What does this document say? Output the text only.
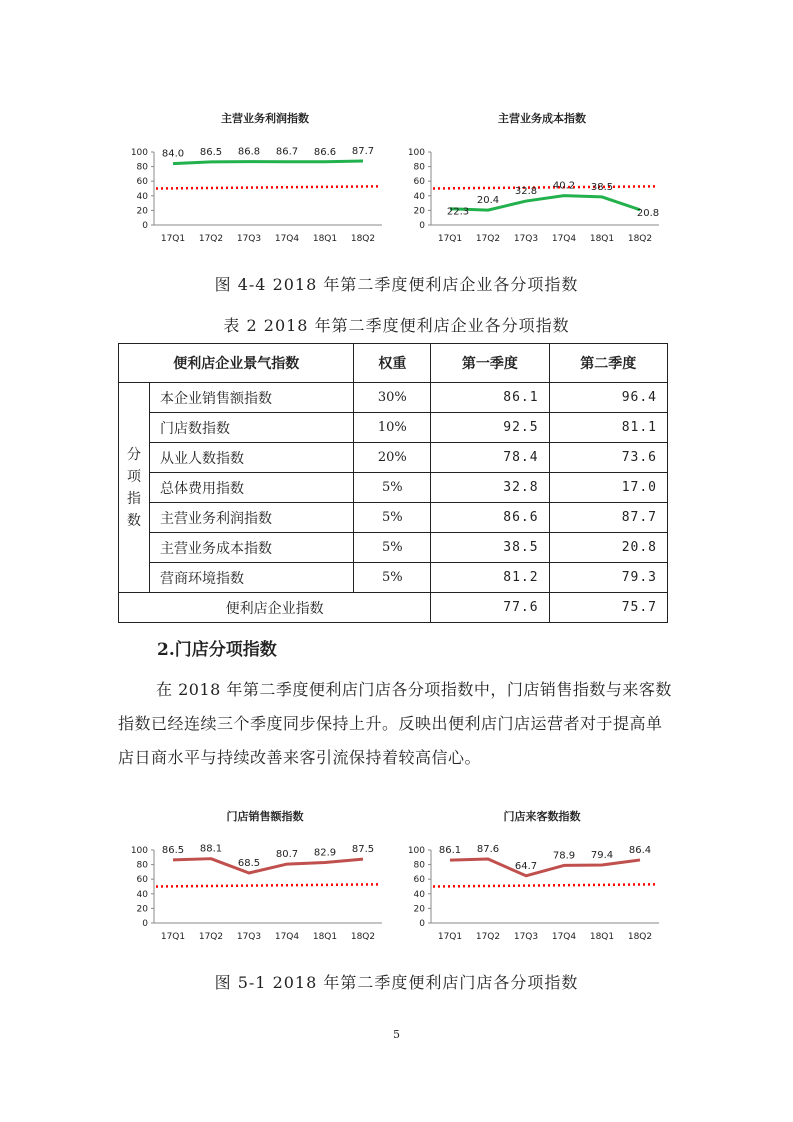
主营业务利润指数
0
20
40
60
80
100
17Q1 17Q2 17Q3 17Q4 18Q1 18Q2
84.0 86.5 86.8 86.7 86.6 87.7
主营业务成本指数
0
20
40
60
80
100
17Q1 17Q2 17Q3 17Q4 18Q1 18Q2
22.3
20.4
32.8 40.2 38.5
20.8
图 4-4 2018 年第二季度便利店企业各分项指数
表 2 2018 年第二季度便利店企业各分项指数
便利店企业景气指数		权重	第一季度	第二季度
分项指数	本企业销售额指数	30%	86.1	96.4
	门店数指数	10%	92.5	81.1
	从业人数指数	20%	78.4	73.6
	总体费用指数	5%	32.8	17.0
	主营业务利润指数	5%	86.6	87.7
	主营业务成本指数	5%	38.5	20.8
	营商环境指数	5%	81.2	79.3
便利店企业指数			77.6	75.7
2.门店分项指数
在 2018 年第二季度便利店门店各分项指数中，门店销售指数与来客数指数已经连续三个季度同步保持上升。反映出便利店门店运营者对于提高单店日商水平与持续改善来客引流保持着较高信心。
门店销售额指数
0
20
40
60
80
100
17Q1 17Q2 17Q3 17Q4 18Q1 18Q2
86.5 88.1
68.5
80.7 82.9 87.5
门店来客数指数
0
20
40
60
80
100
17Q1 17Q2 17Q3 17Q4 18Q1 18Q2
86.1 87.6
64.7
78.9 79.4 86.4
图 5-1 2018 年第二季度便利店门店各分项指数
5
